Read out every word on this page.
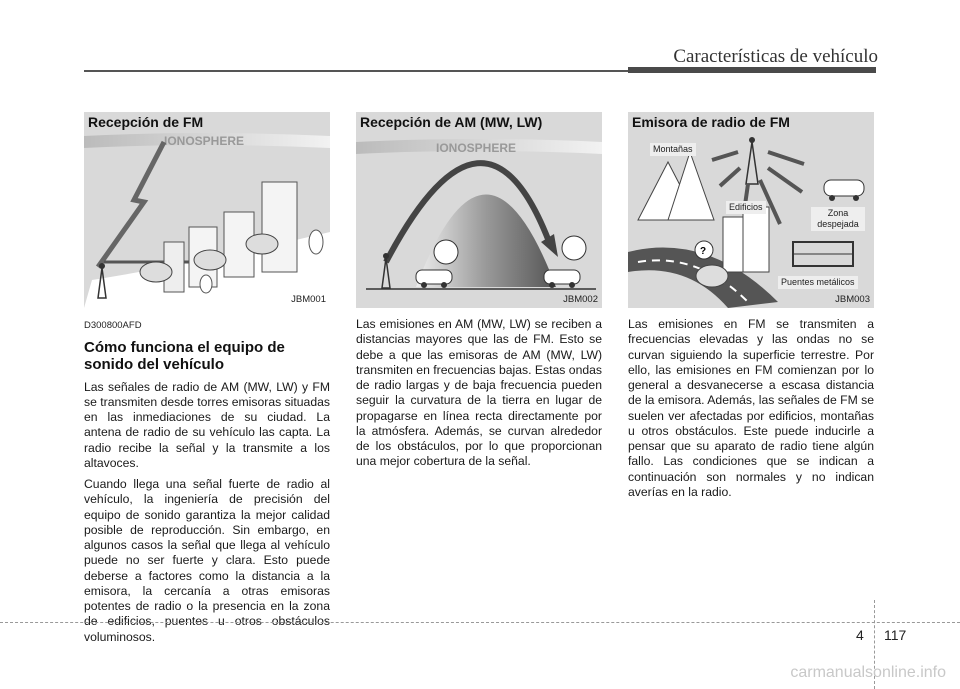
Características de vehículo
Recepción de FM
IONOSPHERE
JBM001
D300800AFD
Cómo funciona el equipo de sonido del vehículo

Las señales de radio de AM (MW, LW) y FM se transmiten desde torres emisoras situadas en las inmediaciones de su ciudad. La antena de radio de su vehículo las capta. La radio recibe la señal y la transmite a los altavoces.

Cuando llega una señal fuerte de radio al vehículo, la ingeniería de precisión del equipo de sonido garantiza la mejor calidad posible de reproducción. Sin embargo, en algunos casos la señal que llega al vehículo puede no ser fuerte y clara. Esto puede deberse a factores como la distancia a la emisora, la cercanía a otras emisoras potentes de radio o la presencia en la zona de edificios, puentes u otros obstáculos voluminosos.

Recepción de AM (MW, LW)
IONOSPHERE
JBM002

Las emisiones en AM (MW, LW) se reciben a distancias mayores que las de FM. Esto se debe a que las emisoras de AM (MW, LW) transmiten en frecuencias bajas. Estas ondas de radio largas y de baja frecuencia pueden seguir la curvatura de la tierra en lugar de propagarse en línea recta directamente por la atmósfera. Además, se curvan alrededor de los obstáculos, por lo que proporcionan una mejor cobertura de la señal.

Emisora de radio de FM
?
Montañas
Edificios
Zona despejada
Puentes metálicos
JBM003

Las emisiones en FM se transmiten a frecuencias elevadas y las ondas no se curvan siguiendo la superficie terrestre. Por ello, las emisiones en FM comienzan por lo general a desvanecerse a escasa distancia de la emisora. Además, las señales de FM se suelen ver afectadas por edificios, montañas u otros obstáculos. Este puede inducirle a pensar que su aparato de radio tiene algún fallo. Las condiciones que se indican a continuación son normales y no indican averías en la radio.

4 117
carmanualsonline.info
